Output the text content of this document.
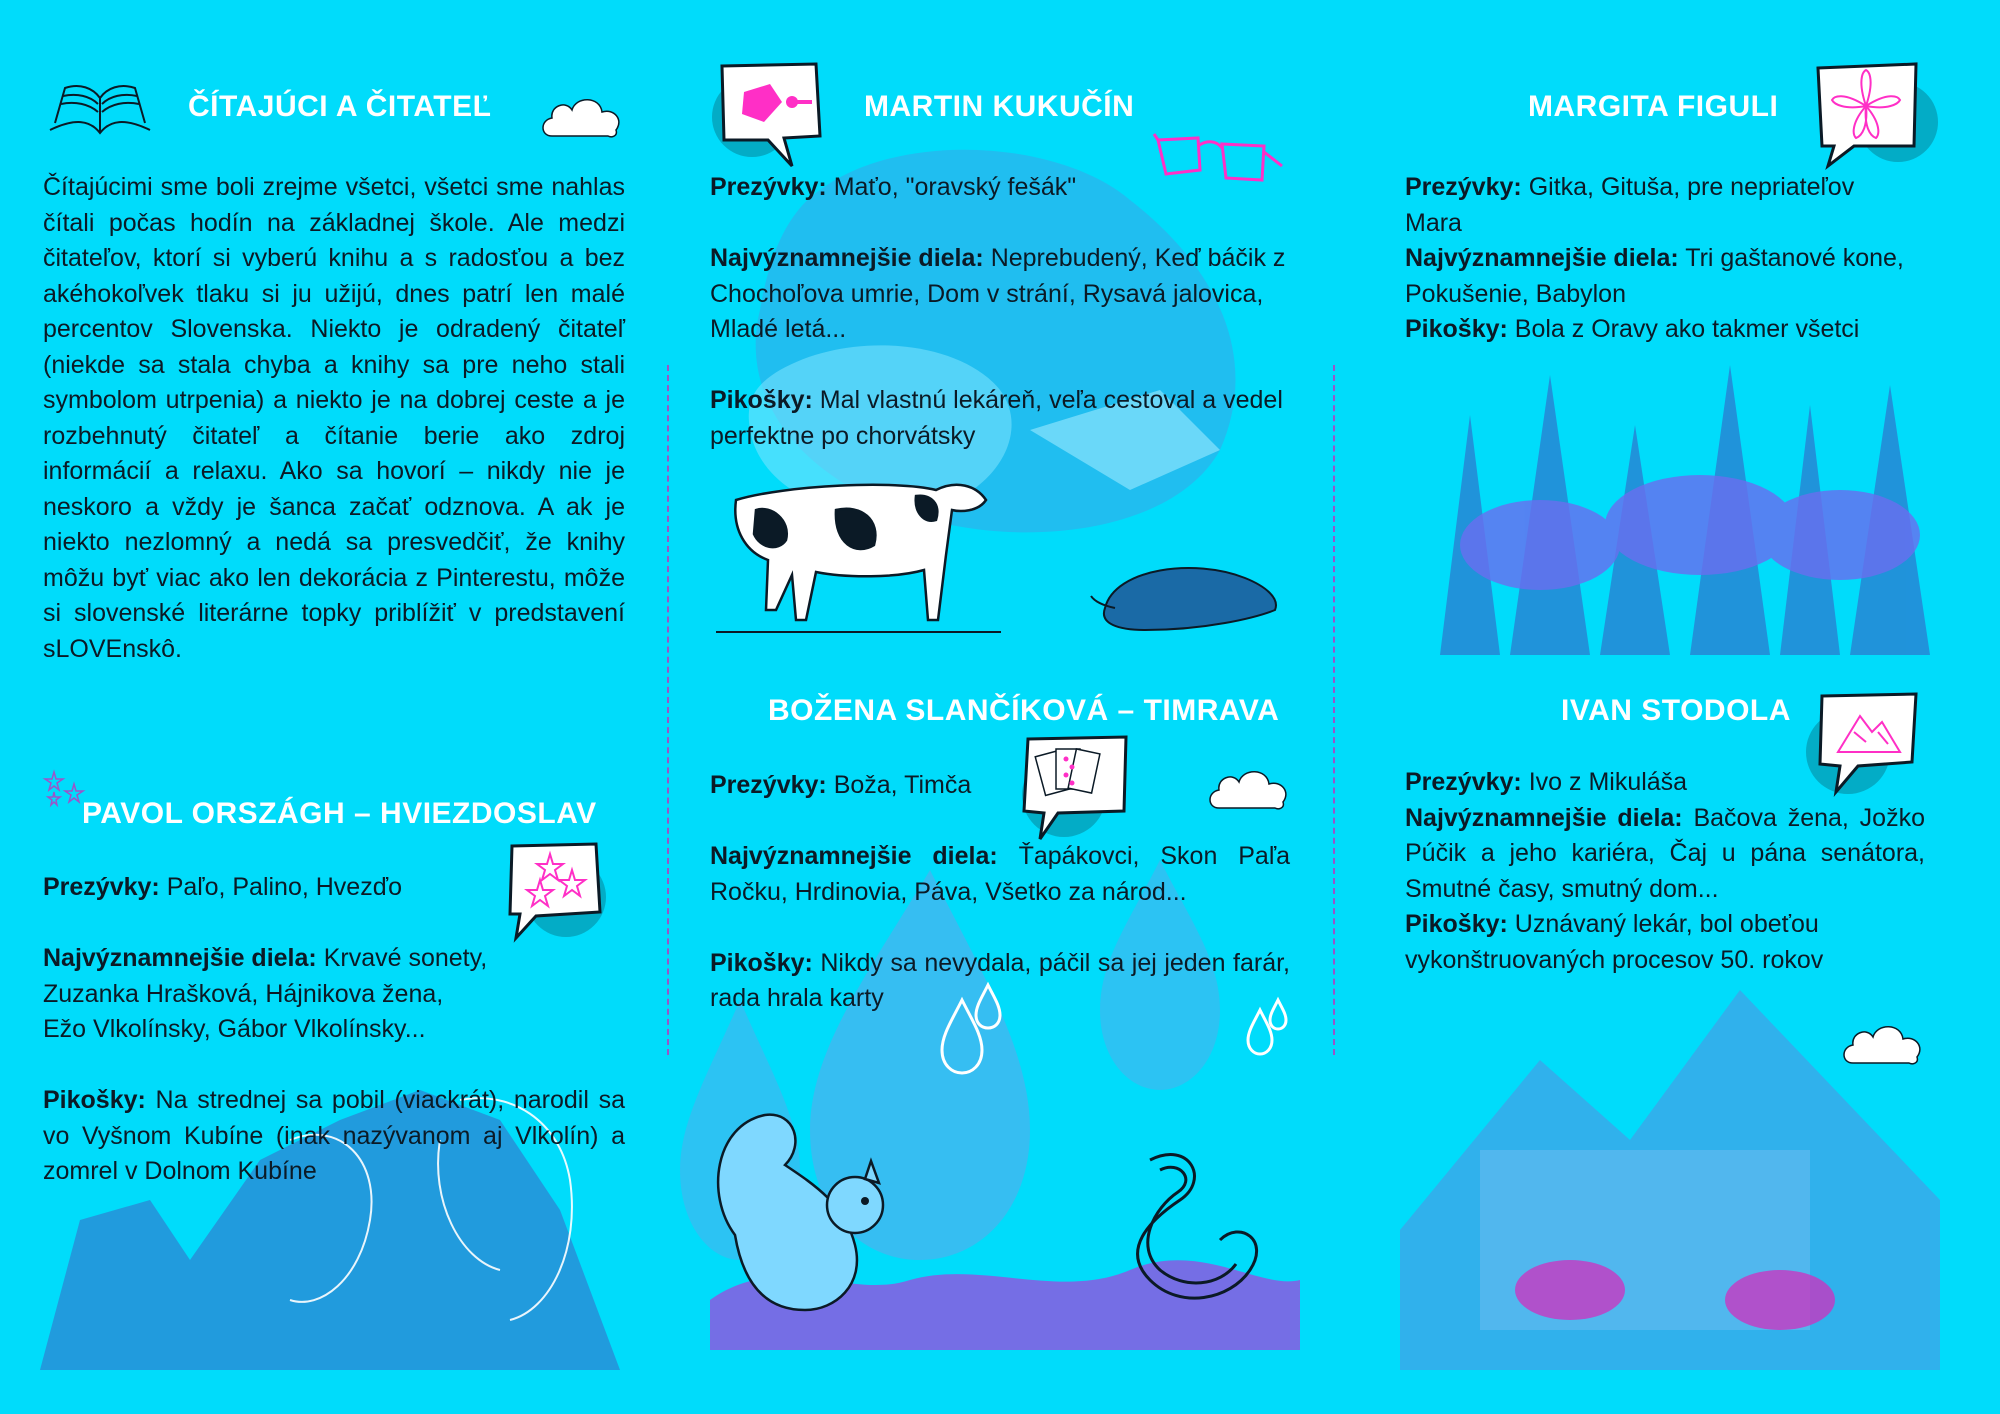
ČÍTAJÚCI A ČITATEĽ
Čítajúcimi sme boli zrejme všetci, všetci sme nahlas čítali počas hodín na základnej škole. Ale medzi čitateľov, ktorí si vyberú knihu a s radosťou a bez akéhokoľvek tlaku si ju užijú, dnes patrí len malé percentov Slovenska. Niekto je odradený čitateľ (niekde sa stala chyba a knihy sa pre neho stali symbolom utrpenia) a niekto je na dobrej ceste a je rozbehnutý čitateľ a čítanie berie ako zdroj informácií a relaxu. Ako sa hovorí – nikdy nie je neskoro a vždy je šanca začať odznova. A ak je niekto nezlomný a nedá sa presvedčiť, že knihy môžu byť viac ako len dekorácia z Pinterestu, môže si slovenské literárne topky priblížiť v predstavení sLOVEnskô.
PAVOL ORSZÁGH – HVIEZDOSLAV
Prezývky: Paľo, Palino, Hvezďo
Najvýznamnejšie diela: Krvavé sonety,
Zuzanka Hrašková, Hájnikova žena,
Ežo Vlkolínsky, Gábor Vlkolínsky...
Pikošky: Na strednej sa pobil (viackrát), narodil sa vo Vyšnom Kubíne (inak nazývanom aj Vlkolín) a zomrel v Dolnom Kubíne
MARTIN KUKUČÍN
Prezývky: Maťo, "oravský fešák"
Najvýznamnejšie diela: Neprebudený, Keď báčik z Chochoľova umrie, Dom v strání, Rysavá jalovica, Mladé letá...
Pikošky: Mal vlastnú lekáreň, veľa cestoval a vedel perfektne po chorvátsky
BOŽENA SLANČÍKOVÁ – TIMRAVA
Prezývky: Boža, Timča
Najvýznamnejšie diela: Ťapákovci, Skon Paľa Ročku, Hrdinovia, Páva, Všetko za národ...
Pikošky: Nikdy sa nevydala, páčil sa jej jeden farár, rada hrala karty
MARGITA FIGULI
Prezývky: Gitka, Gituša, pre nepriateľov Mara
Najvýznamnejšie diela: Tri gaštanové kone, Pokušenie, Babylon
Pikošky: Bola z Oravy ako takmer všetci
IVAN STODOLA
Prezývky: Ivo z Mikuláša
Najvýznamnejšie diela: Bačova žena, Jožko Púčik a jeho kariéra, Čaj u pána senátora, Smutné časy, smutný dom...
Pikošky: Uznávaný lekár, bol obeťou vykonštruovaných procesov 50. rokov
